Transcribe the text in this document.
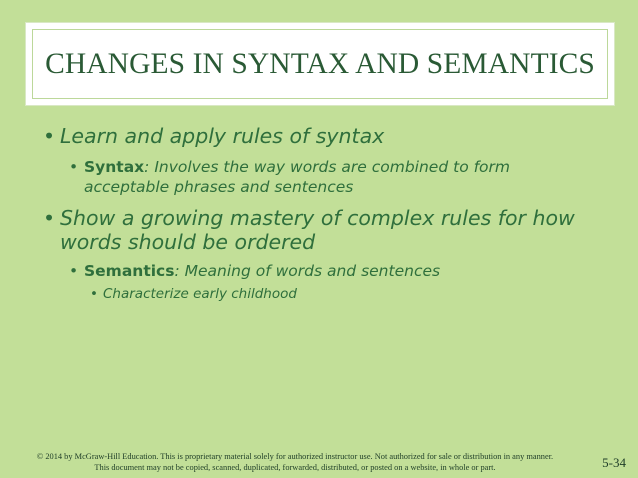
CHANGES IN SYNTAX AND SEMANTICS
• Learn and apply rules of syntax
• Syntax: Involves the way words are combined to form
acceptable phrases and sentences
• Show a growing mastery of complex rules for how
words should be ordered
• Semantics: Meaning of words and sentences
• Characterize early childhood
© 2014 by McGraw-Hill Education. This is proprietary material solely for authorized instructor use. Not authorized for sale or distribution in any manner.
This document may not be copied, scanned, duplicated, forwarded, distributed, or posted on a website, in whole or part.	5-34
